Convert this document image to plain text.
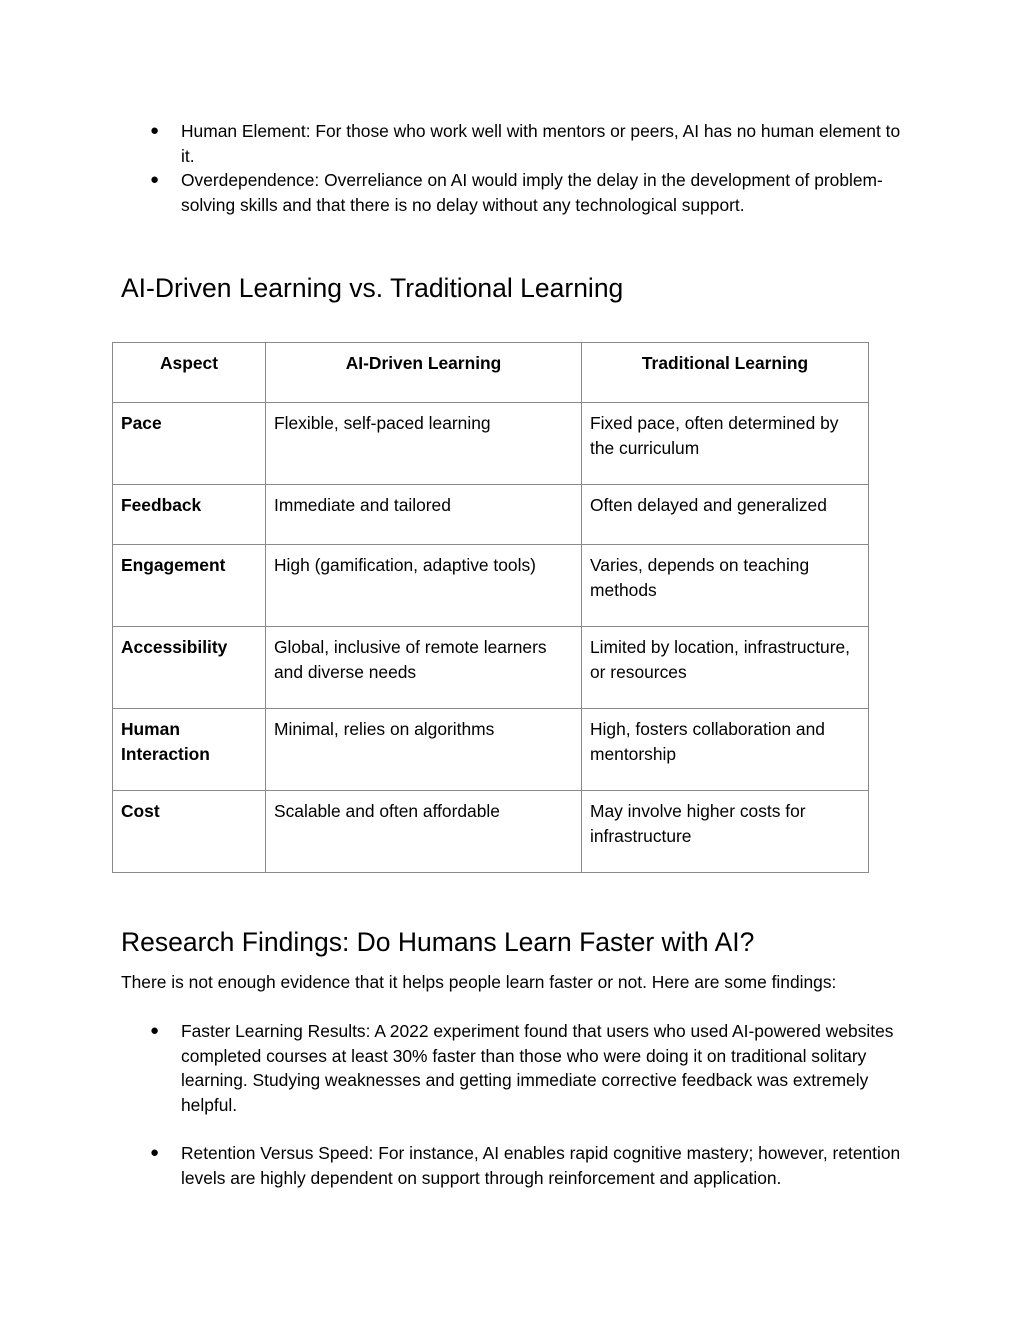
● Human Element: For those who work well with mentors or peers, AI has no human element to it.
● Overdependence: Overreliance on AI would imply the delay in the development of problem-solving skills and that there is no delay without any technological support.
AI-Driven Learning vs. Traditional Learning
Aspect	AI-Driven Learning	Traditional Learning
Pace	Flexible, self-paced learning	Fixed pace, often determined by the curriculum
Feedback	Immediate and tailored	Often delayed and generalized
Engagement	High (gamification, adaptive tools)	Varies, depends on teaching methods
Accessibility	Global, inclusive of remote learners and diverse needs	Limited by location, infrastructure, or resources
Human Interaction	Minimal, relies on algorithms	High, fosters collaboration and mentorship
Cost	Scalable and often affordable	May involve higher costs for infrastructure
Research Findings: Do Humans Learn Faster with AI?

There is not enough evidence that it helps people learn faster or not. Here are some findings:

● Faster Learning Results: A 2022 experiment found that users who used AI-powered websites completed courses at least 30% faster than those who were doing it on traditional solitary learning. Studying weaknesses and getting immediate corrective feedback was extremely helpful.
● Retention Versus Speed: For instance, AI enables rapid cognitive mastery; however, retention levels are highly dependent on support through reinforcement and application.
